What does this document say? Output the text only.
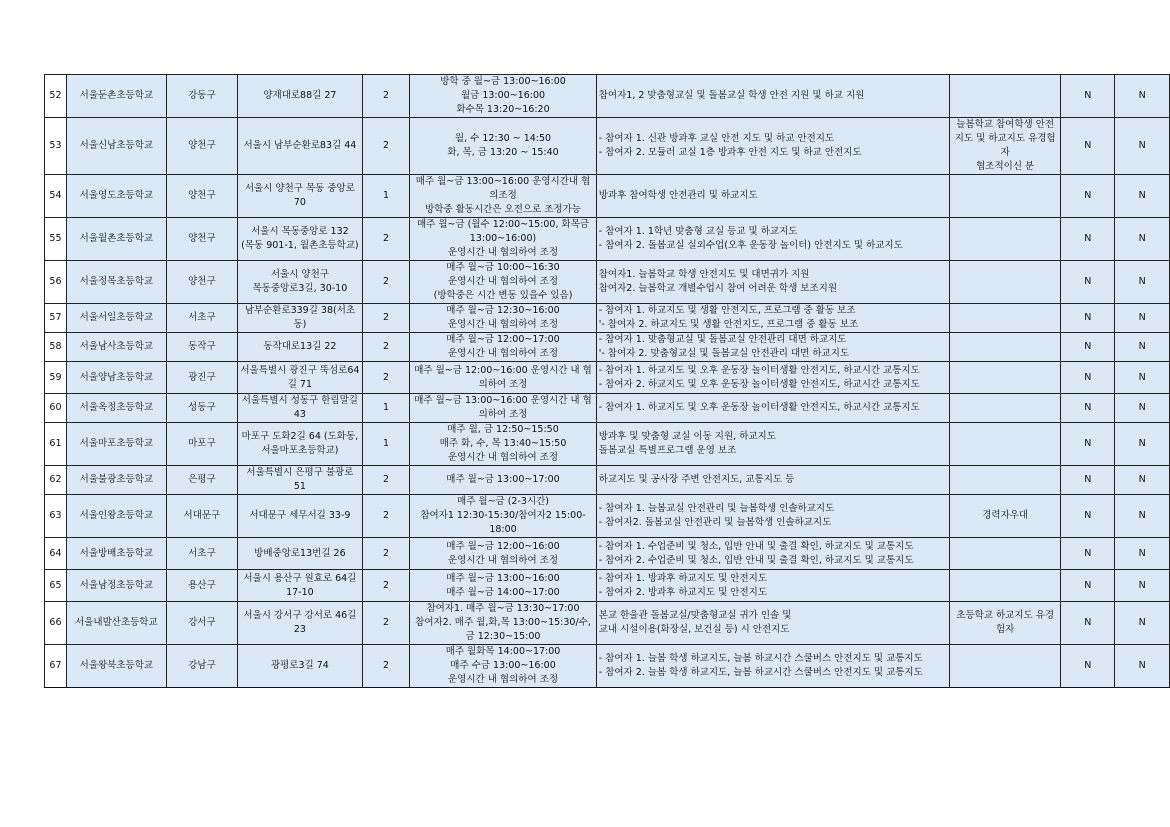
52	서울둔촌초등학교	강동구	양재대로88길 27	2	방학 중 월~금 13:00~16:00
월금 13:00~16:00
화수목 13:20~16:20	참여자1, 2 맞춤형교실 및 돌봄교실 학생 안전 지원 및 하교 지원		N	N
53	서울신남초등학교	양천구	서울시 남부순환로83길 44	2	월, 수 12:30 ~ 14:50
화, 목, 금 13:20 ~ 15:40	- 참여자 1. 신관 방과후 교실 안전 지도 및 하교 안전지도
- 참여자 2. 모듈러 교실 1층 방과후 안전 지도 및 하교 안전지도	늘봄학교 참여학생 안전지도 및 하교지도 유경험자
협조적이신 분	N	N
54	서울영도초등학교	양천구	서울시 양천구 목동 중앙로 70	1	매주 월~금 13:00~16:00 운영시간내 협의조정
방학중 활동시간은 오전으로 조정가능	방과후 참여학생 안전관리 및 하교지도		N	N
55	서울월촌초등학교	양천구	서울시 목동중앙로 132
(목동 901-1, 월촌초등학교)	2	매주 월~금 (월수 12:00~15:00, 화목금 13:00~16:00)
운영시간 내 협의하여 조정	- 참여자 1. 1학년 맞춤형 교실 등교 및 하교지도
- 참여자 2. 돌봄교실 실외수업(오후 운동장 놀이터) 안전지도 및 하교지도		N	N
56	서울정목초등학교	양천구	서울시 양천구
목동중앙로3길, 30-10	2	매주 월~금 10:00~16:30
운영시간 내 협의하여 조정
(방학중은 시간 변동 있을수 있음)	참여자1. 늘봄학교 학생 안전지도 및 대면귀가 지원
참여자2. 늘봄학교 개별수업시 참여 어려운 학생 보조지원		N	N
57	서울서일초등학교	서초구	남부순환로339길 38(서초동)	2	매주 월~금 12:30~16:00
운영시간 내 협의하여 조정	- 참여자 1. 하교지도 및 생활 안전지도, 프로그램 중 활동 보조
'- 참여자 2. 하교지도 및 생활 안전지도, 프로그램 중 활동 보조		N	N
58	서울남사초등학교	동작구	동작대로13길 22	2	매주 월~금 12:00~17:00
운영시간 내 협의하여 조정	- 참여자 1. 맞춤형교실 및 돌봄교실 안전관리 대면 하교지도
'- 참여자 2. 맞춤형교실 및 돌봄교실 안전관리 대면 하교지도		N	N
59	서울양남초등학교	광진구	서울특별시 광진구 뚝섬로64길 71	2	매주 월~금 12:00~16:00 운영시간 내 협의하여 조정	- 참여자 1. 하교지도 및 오후 운동장 놀이터생활 안전지도, 하교시간 교통지도
- 참여자 2. 하교지도 및 오후 운동장 놀이터생활 안전지도, 하교시간 교통지도		N	N
60	서울옥정초등학교	성동구	서울특별시 성동구 한림말길 43	1	매주 월~금 13:00~16:00 운영시간 내 협의하여 조정	- 참여자 1. 하교지도 및 오후 운동장 놀이터생활 안전지도, 하교시간 교통지도		N	N
61	서울마포초등학교	마포구	마포구 도화2길 64 (도화동, 서울마포초등학교)	1	매주 월, 금 12:50~15:50
매주 화, 수, 목 13:40~15:50
운영시간 내 협의하여 조정	방과후 및 맞춤형 교실 이동 지원, 하교지도
돌봄교실 특별프로그램 운영 보조		N	N
62	서울불광초등학교	은평구	서울특별시 은평구 불광로 51	2	매주 월~금 13:00~17:00	하교지도 및 공사장 주변 안전지도, 교통지도 등		N	N
63	서울인왕초등학교	서대문구	서대문구 세무서길 33-9	2	매주 월~금 (2-3시간)
참여자1 12:30-15:30/참여자2 15:00-18:00	- 참여자 1. 늘봄교실 안전관리 및 늘봄학생 인솔하교지도
- 참여자2. 돌봄교실 안전관리 및 늘봄학생 인솔하교지도	경력자우대	N	N
64	서울방배초등학교	서초구	방배중앙로13번길 26	2	매주 월~금 12:00~16:00
운영시간 내 협의하여 조정	- 참여자 1. 수업준비 및 청소, 입반 안내 및 출결 확인, 하교지도 및 교통지도
- 참여자 2. 수업준비 및 청소, 입반 안내 및 출결 확인, 하교지도 및 교통지도		N	N
65	서울남정초등학교	용산구	서울시 용산구 원효로 64길 17-10	2	매주 월~금 13:00~16:00
매주 월~금 14:00~17:00	- 참여자 1. 방과후 하교지도 및 안전지도
- 참여자 2. 방과후 하교지도 및 안전지도		N	N
66	서울내발산초등학교	강서구	서울시 강서구 강서로 46길 23	2	참여자1. 매주 월~금 13:30~17:00
참여자2. 매주 월,화,목 13:00~15:30/수,금 12:30~15:00	본교 한울관 돌봄교실/맞춤형교실 귀가 인솔 및
교내 시설이용(화장실, 보건실 등) 시 안전지도	초등학교 하교지도 유경험자	N	N
67	서울왕북초등학교	강남구	광평로3길 74	2	매주 월화목 14:00~17:00
매주 수금 13:00~16:00
운영시간 내 협의하여 조정	- 참여자 1. 늘봄 학생 하교지도, 늘봄 하교시간 스쿨버스 안전지도 및 교통지도
- 참여자 2. 늘봄 학생 하교지도, 늘봄 하교시간 스쿨버스 안전지도 및 교통지도		N	N
